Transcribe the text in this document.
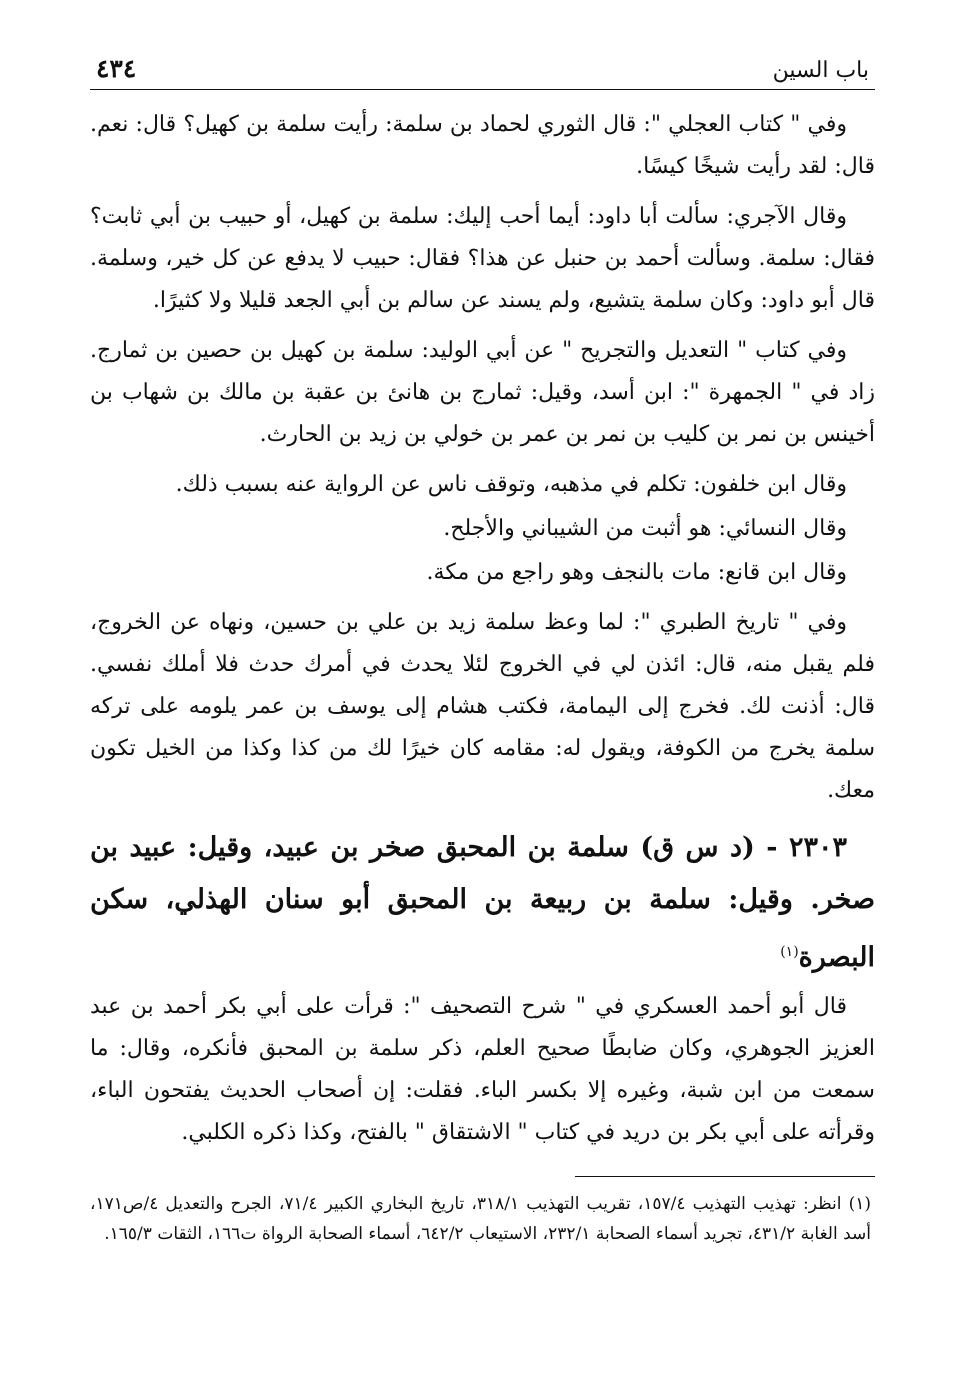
باب السين
٤٣٤

وفي " كتاب العجلي ": قال الثوري لحماد بن سلمة: رأيت سلمة بن كهيل؟ قال: نعم. قال: لقد رأيت شيخًا كيسًا.

وقال الآجري: سألت أبا داود: أيما أحب إليك: سلمة بن كهيل، أو حبيب بن أبي ثابت؟ فقال: سلمة. وسألت أحمد بن حنبل عن هذا؟ فقال: حبيب لا يدفع عن كل خير، وسلمة. قال أبو داود: وكان سلمة يتشيع، ولم يسند عن سالم بن أبي الجعد قليلا ولا كثيرًا.

وفي كتاب " التعديل والتجريح " عن أبي الوليد: سلمة بن كهيل بن حصين بن ثمارج. زاد في " الجمهرة ": ابن أسد، وقيل: ثمارج بن هانئ بن عقبة بن مالك بن شهاب بن أخينس بن نمر بن كليب بن نمر بن عمر بن خولي بن زيد بن الحارث.

وقال ابن خلفون: تكلم في مذهبه، وتوقف ناس عن الرواية عنه بسبب ذلك.

وقال النسائي: هو أثبت من الشيباني والأجلح.

وقال ابن قانع: مات بالنجف وهو راجع من مكة.

وفي " تاريخ الطبري ": لما وعظ سلمة زيد بن علي بن حسين، ونهاه عن الخروج، فلم يقبل منه، قال: ائذن لي في الخروج لئلا يحدث في أمرك حدث فلا أملك نفسي. قال: أذنت لك. فخرج إلى اليمامة، فكتب هشام إلى يوسف بن عمر يلومه على تركه سلمة يخرج من الكوفة، ويقول له: مقامه كان خيرًا لك من كذا وكذا من الخيل تكون معك.

٢٣٠٣ - (د س ق) سلمة بن المحبق صخر بن عبيد، وقيل: عبيد بن صخر. وقيل: سلمة بن ربيعة بن المحبق أبو سنان الهذلي، سكن البصرة$^{(١)}$

قال أبو أحمد العسكري في " شرح التصحيف ": قرأت على أبي بكر أحمد بن عبد العزيز الجوهري، وكان ضابطًا صحيح العلم، ذكر سلمة بن المحبق فأنكره، وقال: ما سمعت من ابن شبة، وغيره إلا بكسر الباء. فقلت: إن أصحاب الحديث يفتحون الباء، وقرأته على أبي بكر بن دريد في كتاب " الاشتقاق " بالفتح، وكذا ذكره الكلبي.

(١) انظر: تهذيب التهذيب ١٥٧/٤، تقريب التهذيب ٣١٨/١، تاريخ البخاري الكبير ٧١/٤، الجرح والتعديل ٤/ص١٧١، أسد الغابة ٤٣١/٢، تجريد أسماء الصحابة ٢٣٢/١، الاستيعاب ٦٤٢/٢، أسماء الصحابة الرواة ت١٦٦، الثقات ١٦٥/٣.
